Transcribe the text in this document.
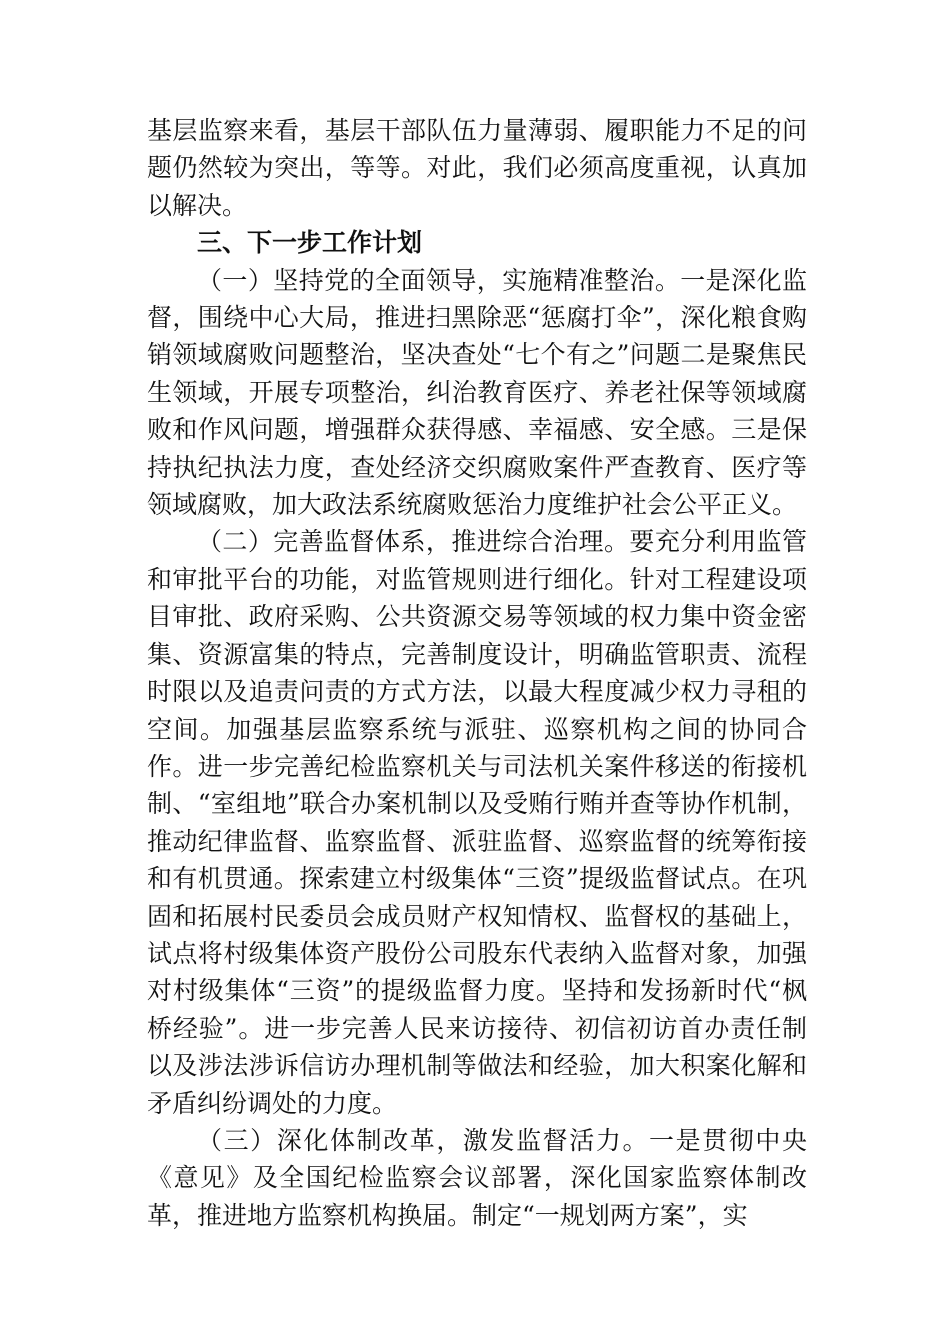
基层监察来看，基层干部队伍力量薄弱、履职能力不足的问题仍然较为突出，等等。对此，我们必须高度重视，认真加以解决。

三、下一步工作计划

（一）坚持党的全面领导，实施精准整治。一是深化监督，围绕中心大局，推进扫黑除恶“惩腐打伞”，深化粮食购销领域腐败问题整治，坚决查处“七个有之”问题二是聚焦民生领域，开展专项整治，纠治教育医疗、养老社保等领域腐败和作风问题，增强群众获得感、幸福感、安全感。三是保持执纪执法力度，查处经济交织腐败案件严查教育、医疗等领域腐败，加大政法系统腐败惩治力度维护社会公平正义。

（二）完善监督体系，推进综合治理。要充分利用监管和审批平台的功能，对监管规则进行细化。针对工程建设项目审批、政府采购、公共资源交易等领域的权力集中资金密集、资源富集的特点，完善制度设计，明确监管职责、流程时限以及追责问责的方式方法，以最大程度减少权力寻租的空间。加强基层监察系统与派驻、巡察机构之间的协同合作。进一步完善纪检监察机关与司法机关案件移送的衔接机制、“室组地”联合办案机制以及受贿行贿并查等协作机制，推动纪律监督、监察监督、派驻监督、巡察监督的统筹衔接和有机贯通。探索建立村级集体“三资”提级监督试点。在巩固和拓展村民委员会成员财产权知情权、监督权的基础上，试点将村级集体资产股份公司股东代表纳入监督对象，加强对村级集体“三资”的提级监督力度。坚持和发扬新时代“枫桥经验”。进一步完善人民来访接待、初信初访首办责任制以及涉法涉诉信访办理机制等做法和经验，加大积案化解和矛盾纠纷调处的力度。

（三）深化体制改革，激发监督活力。一是贯彻中央《意见》及全国纪检监察会议部署，深化国家监察体制改革，推进地方监察机构换届。制定“一规划两方案”，实
